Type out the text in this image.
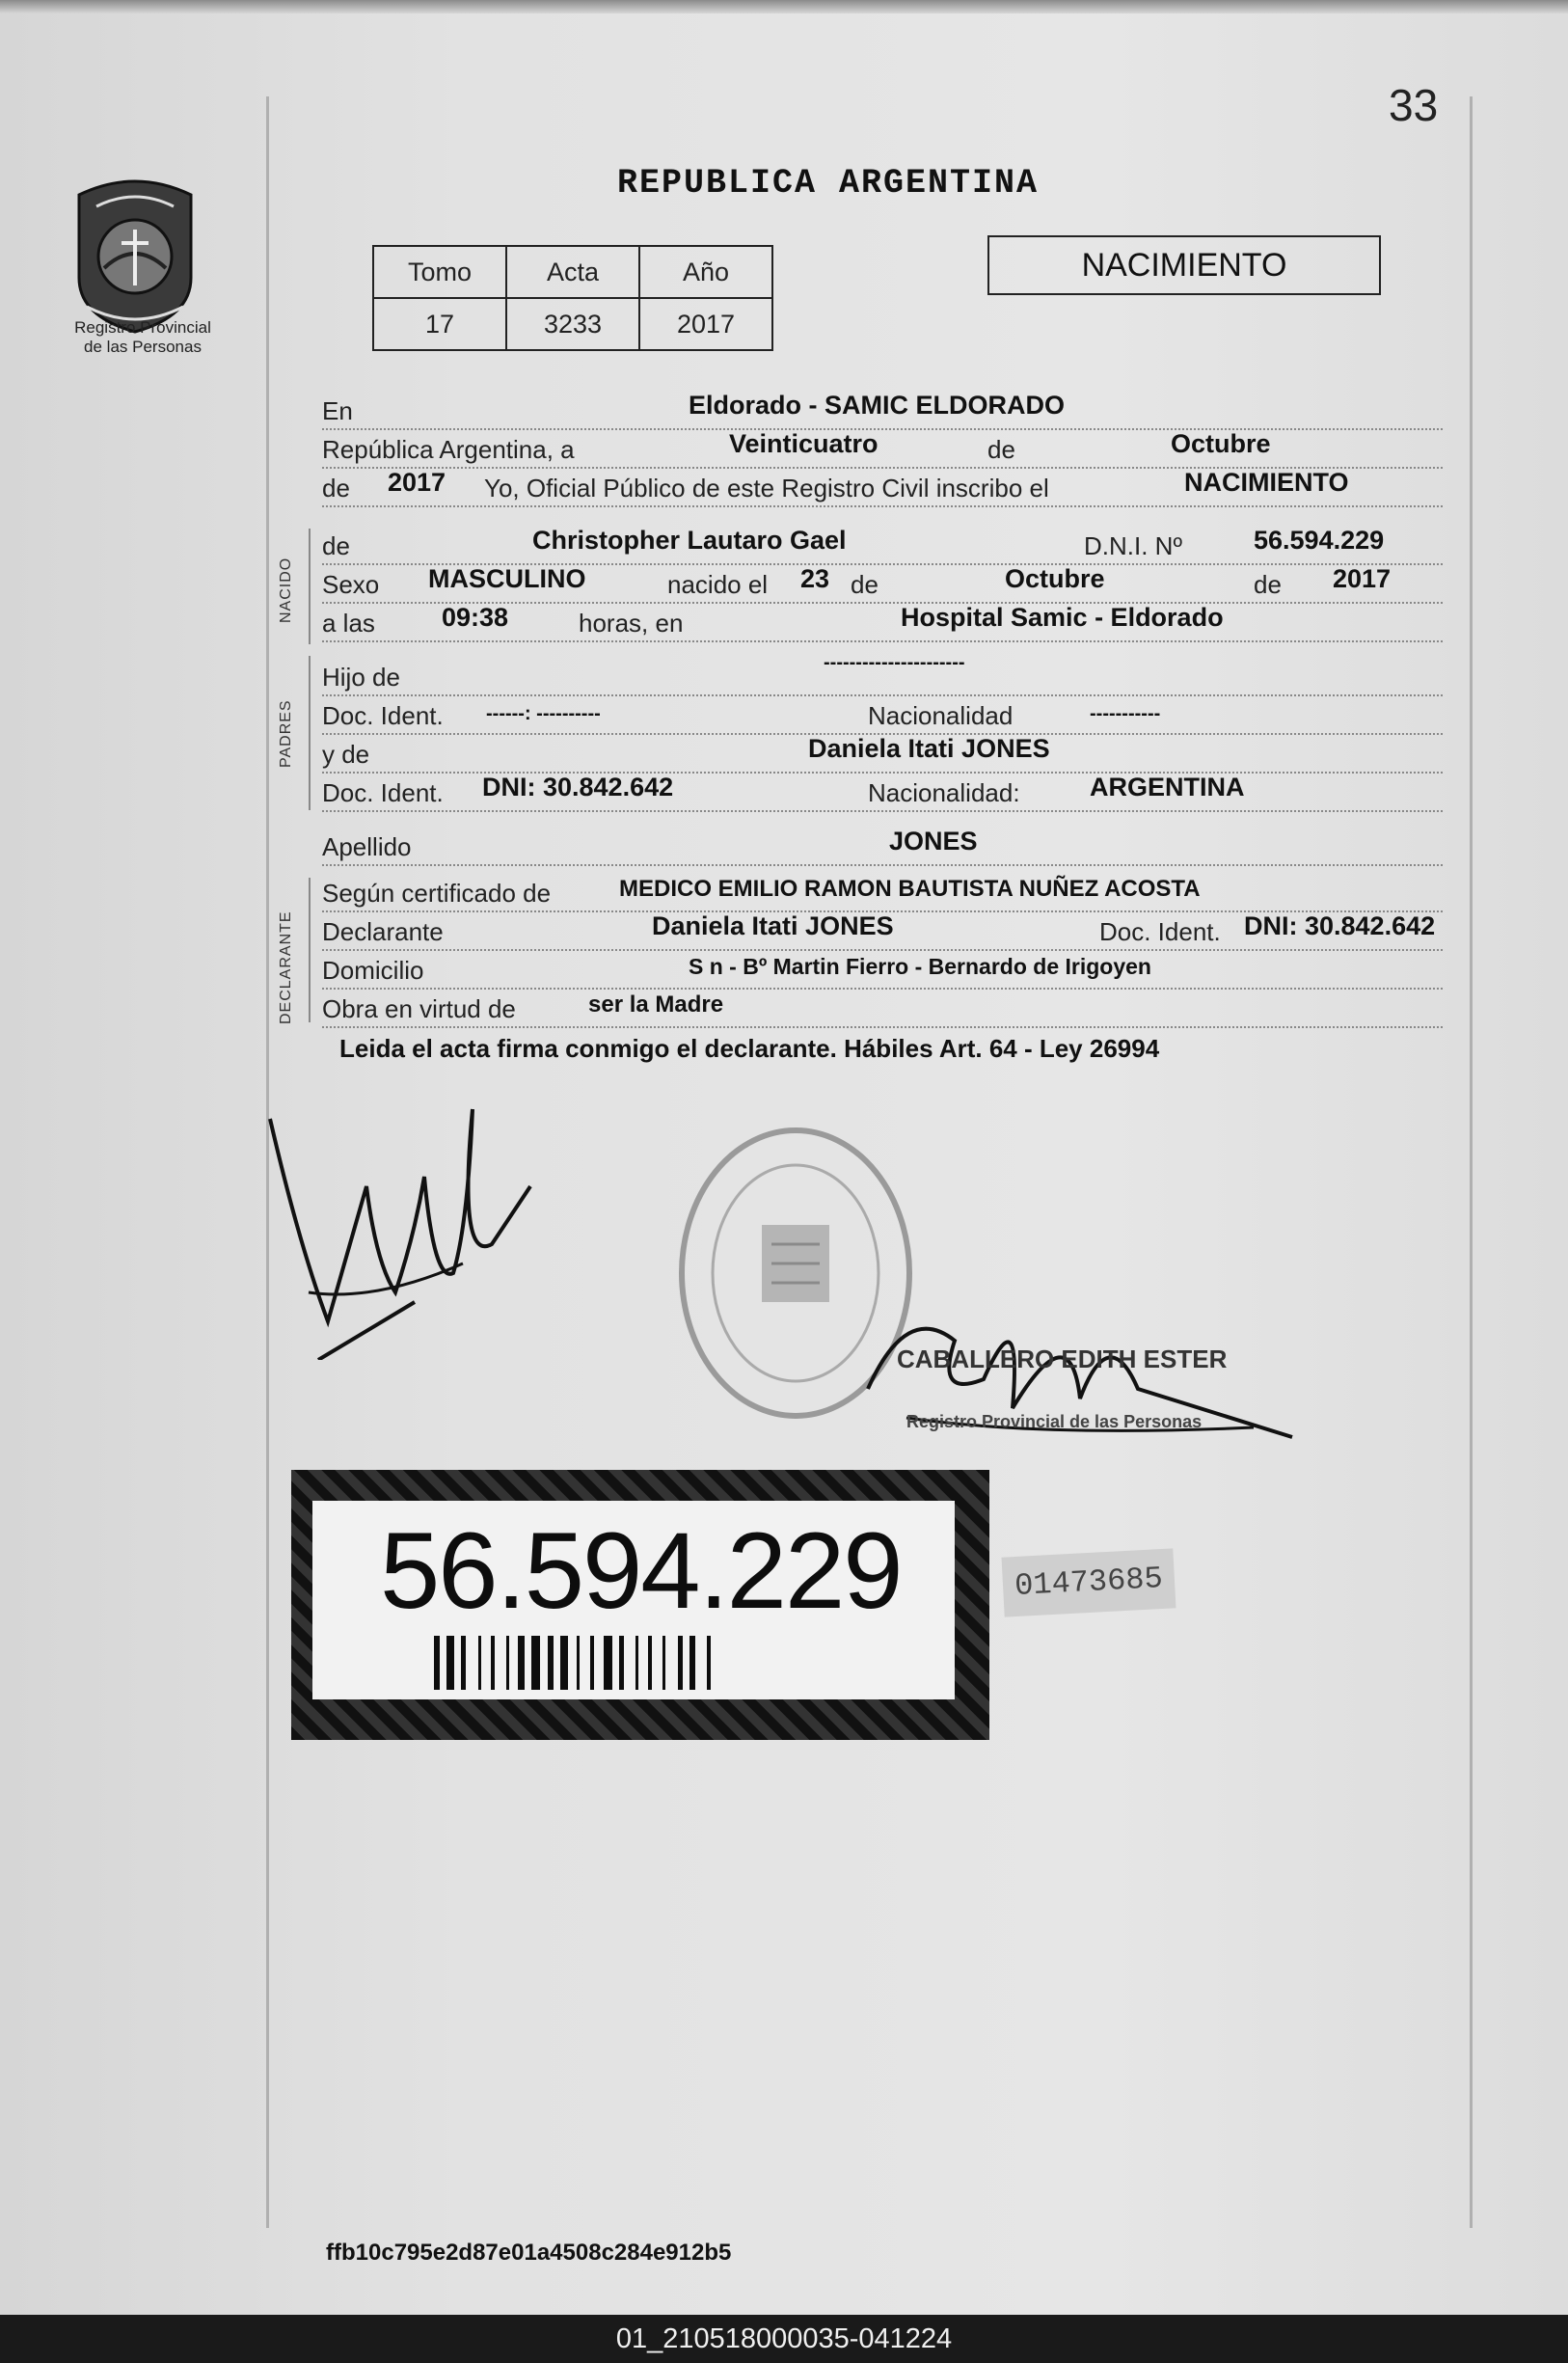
33
Registro Provincial
de las Personas
REPUBLICA ARGENTINA
Tomo	Acta	Año
17	3233	2017
NACIMIENTO
En	Eldorado - SAMIC ELDORADO
República Argentina, a	Veinticuatro	de	Octubre
de 2017 Yo, Oficial Público de este Registro Civil inscribo el	NACIMIENTO
NACIDO
de	Christopher Lautaro Gael	D.N.I. Nº	56.594.229
Sexo MASCULINO	nacido el 23 de	Octubre	de 2017
a las	09:38	horas, en	Hospital Samic - Eldorado
PADRES
Hijo de	----------------------
Doc. Ident. ------: ----------	Nacionalidad	-----------
y de	Daniela Itati JONES
Doc. Ident. DNI: 30.842.642	Nacionalidad:	ARGENTINA
Apellido	JONES
DECLARANTE
Según certificado de	MEDICO EMILIO RAMON BAUTISTA NUÑEZ ACOSTA
Declarante	Daniela Itati JONES	Doc. Ident. DNI: 30.842.642
Domicilio	S n - Bº Martin Fierro - Bernardo de Irigoyen
Obra en virtud de	ser la Madre
Leida el acta firma conmigo el declarante. Hábiles Art. 64 - Ley 26994
CABALLERO EDITH ESTER
Registro Provincial de las Personas
56.594.229	01473685
ffb10c795e2d87e01a4508c284e912b5
01_210518000035-041224
